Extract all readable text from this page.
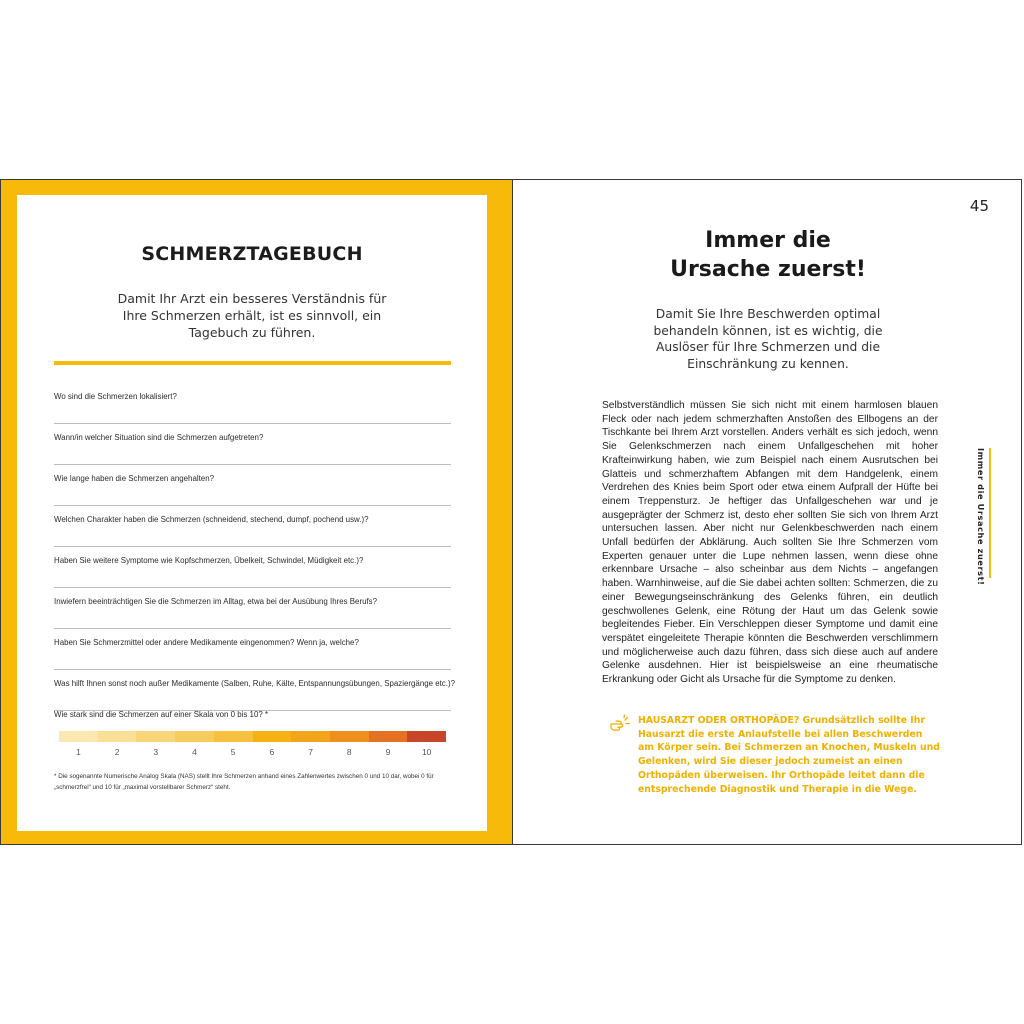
SCHMERZTAGEBUCH
Damit Ihr Arzt ein besseres Verständnis für Ihre Schmerzen erhält, ist es sinnvoll, ein Tagebuch zu führen.
Wo sind die Schmerzen lokalisiert?
Wann/in welcher Situation sind die Schmerzen aufgetreten?
Wie lange haben die Schmerzen angehalten?
Welchen Charakter haben die Schmerzen (schneidend, stechend, dumpf, pochend usw.)?
Haben Sie weitere Symptome wie Kopfschmerzen, Übelkeit, Schwindel, Müdigkeit etc.)?
Inwiefern beeinträchtigen Sie die Schmerzen im Alltag, etwa bei der Ausübung Ihres Berufs?
Haben Sie Schmerzmittel oder andere Medikamente eingenommen? Wenn ja, welche?
Was hilft Ihnen sonst noch außer Medikamente (Salben, Ruhe, Kälte, Entspannungsübungen, Spaziergänge etc.)?
Wie stark sind die Schmerzen auf einer Skala von 0 bis 10? *
1	2	3	4	5	6	7	8	9	10
* Die sogenannte Numerische Analog Skala (NAS) stellt Ihre Schmerzen anhand eines Zahlenwertes zwischen 0 und 10 dar, wobei 0 für „schmerzfrei“ und 10 für „maximal vorstellbarer Schmerz“ steht.
45
Immer die
Ursache zuerst!
Damit Sie Ihre Beschwerden optimal behandeln können, ist es wichtig, die Auslöser für Ihre Schmerzen und die Einschränkung zu kennen.
Selbstverständlich müssen Sie sich nicht mit einem harmlosen blauen Fleck oder nach jedem schmerzhaften Anstoßen des Ellbogens an der Tischkante bei Ihrem Arzt vorstellen. Anders verhält es sich jedoch, wenn Sie Gelenkschmerzen nach einem Unfallgeschehen mit hoher Krafteinwirkung haben, wie zum Beispiel nach einem Ausrutschen bei Glatteis und schmerzhaftem Abfangen mit dem Handgelenk, einem Verdrehen des Knies beim Sport oder etwa einem Aufprall der Hüfte bei einem Treppensturz. Je heftiger das Unfallgeschehen war und je ausgeprägter der Schmerz ist, desto eher sollten Sie sich von Ihrem Arzt untersuchen lassen. Aber nicht nur Gelenkbeschwerden nach einem Unfall bedürfen der Abklärung. Auch sollten Sie Ihre Schmerzen vom Experten genauer unter die Lupe nehmen lassen, wenn diese ohne erkennbare Ursache – also scheinbar aus dem Nichts – angefangen haben. Warnhinweise, auf die Sie dabei achten sollten: Schmerzen, die zu einer Bewegungseinschränkung des Gelenks führen, ein deutlich geschwollenes Gelenk, eine Rötung der Haut um das Gelenk sowie begleitendes Fieber. Ein Verschleppen dieser Symptome und damit eine verspätet eingeleitete Therapie könnten die Beschwerden verschlimmern und möglicherweise auch dazu führen, dass sich diese auch auf andere Gelenke ausdehnen. Hier ist beispielsweise an eine rheumatische Erkrankung oder Gicht als Ursache für die Symptome zu denken.
HAUSARZT ODER ORTHOPÄDE? Grundsätzlich sollte Ihr Hausarzt die erste Anlaufstelle bei allen Beschwerden am Körper sein. Bei Schmerzen an Knochen, Muskeln und Gelenken, wird Sie dieser jedoch zumeist an einen Orthopäden überweisen. Ihr Orthopäde leitet dann die entsprechende Diagnostik und Therapie in die Wege.
Immer die Ursache zuerst!
